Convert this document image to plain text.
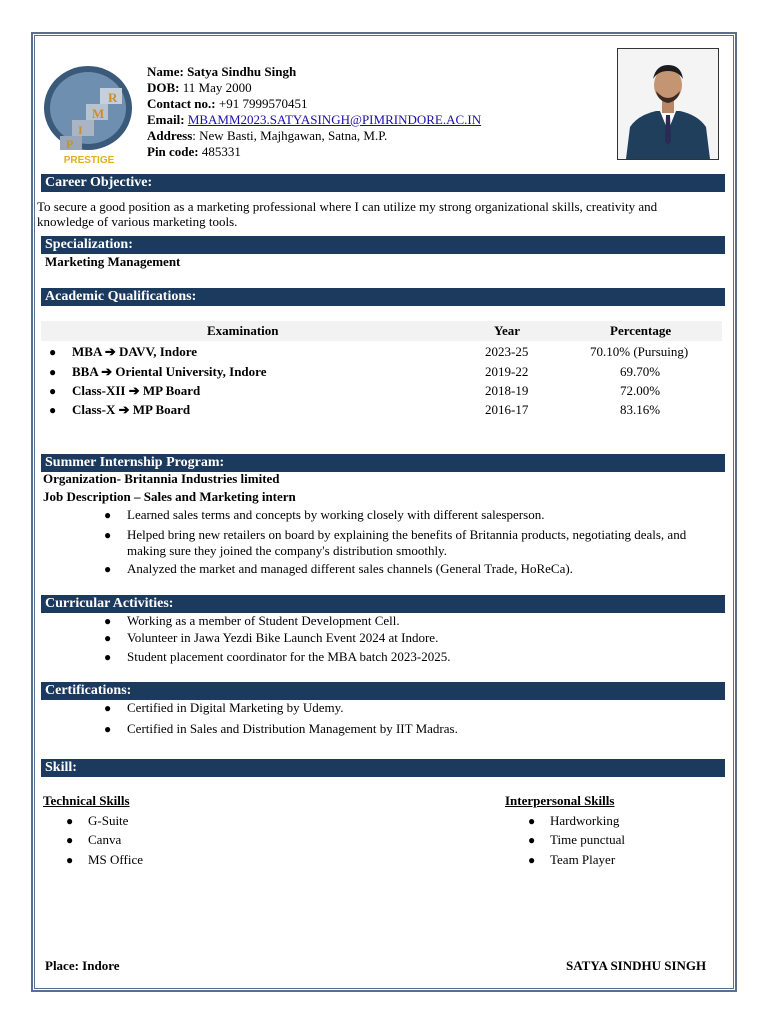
P
I
M
R
PRESTIGE
Name: Satya Sindhu Singh
DOB: 11 May 2000
Contact no.: +91 7999570451
Email: MBAMM2023.SATYASINGH@PIMRINDORE.AC.IN
Address: New Basti, Majhgawan, Satna, M.P.
Pin code: 485331
Career Objective:
To secure a good position as a marketing professional where I can utilize my strong organizational skills, creativity and
knowledge of various marketing tools.
Specialization:
Marketing Management
Academic Qualifications:
Examination	Year	Percentage
● MBA ➔ DAVV, Indore	2023-25	70.10% (Pursuing)
● BBA ➔ Oriental University, Indore	2019-22	69.70%
● Class-XII ➔ MP Board	2018-19	72.00%
● Class-X ➔ MP Board	2016-17	83.16%
Summer Internship Program:
Organization- Britannia Industries limited
Job Description – Sales and Marketing intern
● Learned sales terms and concepts by working closely with different salesperson.
● Helped bring new retailers on board by explaining the benefits of Britannia products, negotiating deals, and
making sure they joined the company's distribution smoothly.
● Analyzed the market and managed different sales channels (General Trade, HoReCa).
Curricular Activities:
● Working as a member of Student Development Cell.
● Volunteer in Jawa Yezdi Bike Launch Event 2024 at Indore.
● Student placement coordinator for the MBA batch 2023-2025.
Certifications:
● Certified in Digital Marketing by Udemy.
● Certified in Sales and Distribution Management by IIT Madras.
Skill:
Technical Skills
● G-Suite
● Canva
● MS Office
Interpersonal Skills
● Hardworking
● Time punctual
● Team Player
Place: Indore	SATYA SINDHU SINGH
